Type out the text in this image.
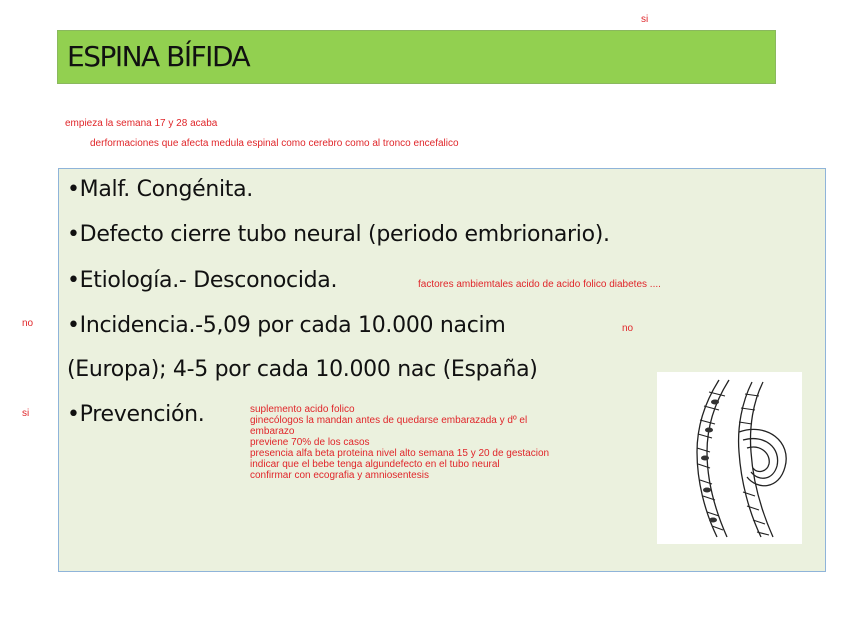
si
ESPINA BÍFIDA
empieza la semana 17 y 28 acaba
derformaciones que afecta medula espinal como cerebro como al tronco encefalico
no
si
•Malf. Congénita.
•Defecto cierre tubo neural (periodo embrionario).
•Etiología.- Desconocida.	factores ambiemtales acido de acido folico diabetes ....
•Incidencia.-5,09 por cada 10.000 nacim	no
(Europa); 4-5 por cada 10.000 nac (España)
•Prevención.	suplemento acido folico
ginecólogos la mandan antes de quedarse embarazada y dº el
embarazo
previene 70% de los casos
presencia alfa beta proteina nivel alto semana 15 y 20 de gestacion
indicar que el bebe tenga algundefecto en el tubo neural
confirmar con ecografia y amniosentesis
